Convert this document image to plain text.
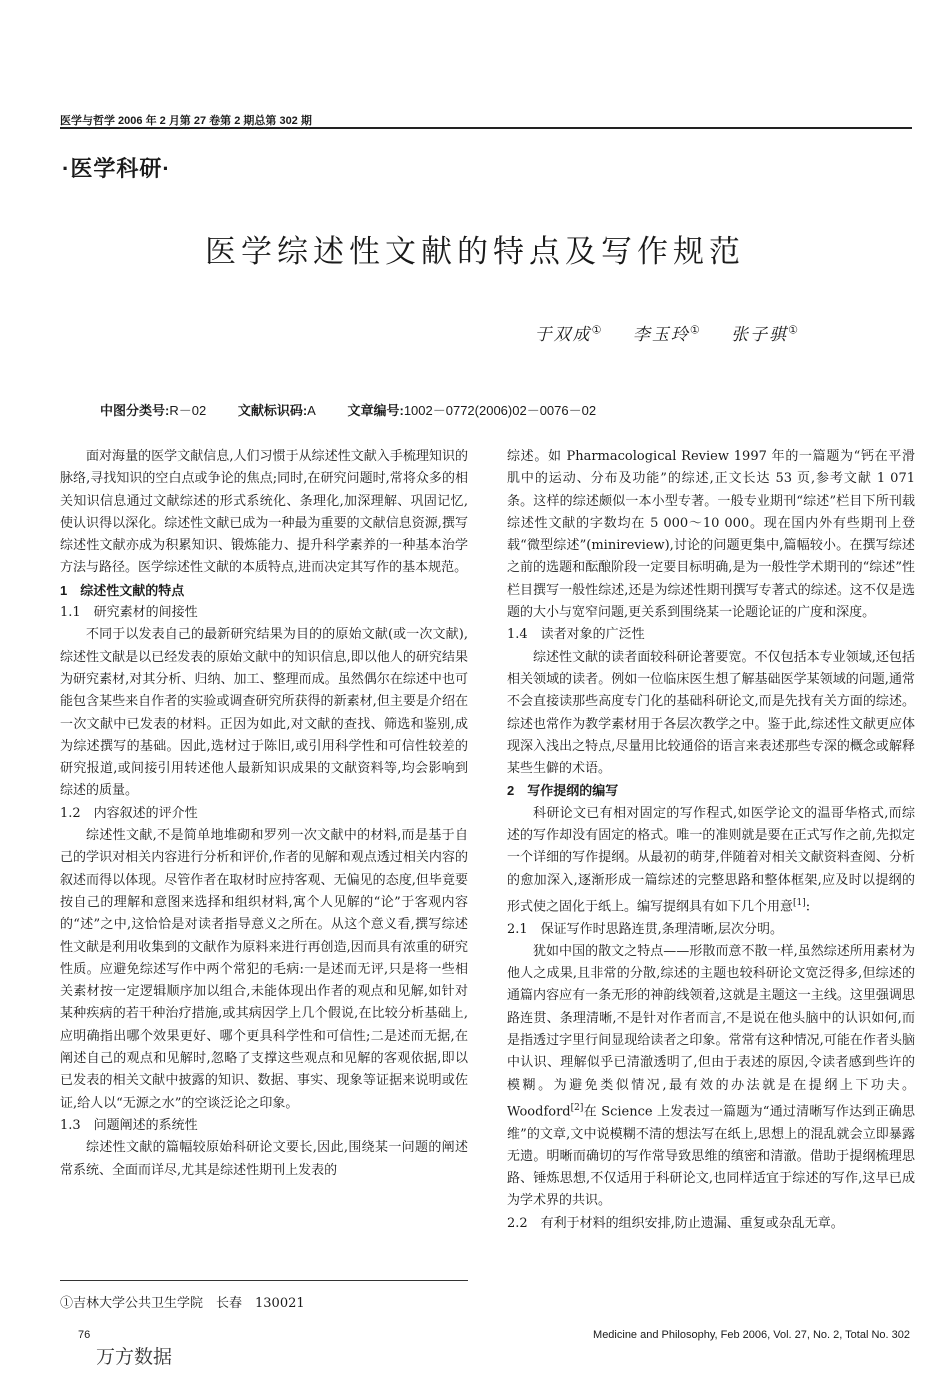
医学与哲学 2006 年 2 月第 27 卷第 2 期总第 302 期
·医学科研·
医学综述性文献的特点及写作规范
于双成① 李玉玲① 张子骐①
中图分类号:R－02 文献标识码:A 文章编号:1002－0772(2006)02－0076－02

面对海量的医学文献信息,人们习惯于从综述性文献入手梳理知识的脉络,寻找知识的空白点或争论的焦点;同时,在研究问题时,常将众多的相关知识信息通过文献综述的形式系统化、条理化,加深理解、巩固记忆,使认识得以深化。综述性文献已成为一种最为重要的文献信息资源,撰写综述性文献亦成为积累知识、锻炼能力、提升科学素养的一种基本治学方法与路径。医学综述性文献的本质特点,进而决定其写作的基本规范。

1　综述性文献的特点

1.1　研究素材的间接性

不同于以发表自己的最新研究结果为目的的原始文献(或一次文献),综述性文献是以已经发表的原始文献中的知识信息,即以他人的研究结果为研究素材,对其分析、归纳、加工、整理而成。虽然偶尔在综述中也可能包含某些来自作者的实验或调查研究所获得的新素材,但主要是介绍在一次文献中已发表的材料。正因为如此,对文献的查找、筛选和鉴别,成为综述撰写的基础。因此,选材过于陈旧,或引用科学性和可信性较差的研究报道,或间接引用转述他人最新知识成果的文献资料等,均会影响到综述的质量。

1.2　内容叙述的评介性

综述性文献,不是简单地堆砌和罗列一次文献中的材料,而是基于自己的学识对相关内容进行分析和评价,作者的见解和观点透过相关内容的叙述而得以体现。尽管作者在取材时应持客观、无偏见的态度,但毕竟要按自己的理解和意图来选择和组织材料,寓个人见解的“论”于客观内容的“述”之中,这恰恰是对读者指导意义之所在。从这个意义看,撰写综述性文献是利用收集到的文献作为原料来进行再创造,因而具有浓重的研究性质。应避免综述写作中两个常犯的毛病:一是述而无评,只是将一些相关素材按一定逻辑顺序加以组合,未能体现出作者的观点和见解,如针对某种疾病的若干种治疗措施,或其病因学上几个假说,在比较分析基础上,应明确指出哪个效果更好、哪个更具科学性和可信性;二是述而无据,在阐述自己的观点和见解时,忽略了支撑这些观点和见解的客观依据,即以已发表的相关文献中披露的知识、数据、事实、现象等证据来说明或佐证,给人以“无源之水”的空谈泛论之印象。

1.3　问题阐述的系统性

综述性文献的篇幅较原始科研论文要长,因此,围绕某一问题的阐述常系统、全面而详尽,尤其是综述性期刊上发表的

综述。如 Pharmacological Review 1997 年的一篇题为“钙在平滑肌中的运动、分布及功能”的综述,正文长达 53 页,参考文献 1 071 条。这样的综述颇似一本小型专著。一般专业期刊“综述”栏目下所刊载综述性文献的字数均在 5 000～10 000。现在国内外有些期刊上登载“微型综述”(minireview),讨论的问题更集中,篇幅较小。在撰写综述之前的选题和酝酿阶段一定要目标明确,是为一般性学术期刊的“综述”性栏目撰写一般性综述,还是为综述性期刊撰写专著式的综述。这不仅是选题的大小与宽窄问题,更关系到围绕某一论题论证的广度和深度。

1.4　读者对象的广泛性

综述性文献的读者面较科研论著要宽。不仅包括本专业领域,还包括相关领域的读者。例如一位临床医生想了解基础医学某领域的问题,通常不会直接读那些高度专门化的基础科研论文,而是先找有关方面的综述。综述也常作为教学素材用于各层次教学之中。鉴于此,综述性文献更应体现深入浅出之特点,尽量用比较通俗的语言来表述那些专深的概念或解释某些生僻的术语。

2　写作提纲的编写

科研论文已有相对固定的写作程式,如医学论文的温哥华格式,而综述的写作却没有固定的格式。唯一的准则就是要在正式写作之前,先拟定一个详细的写作提纲。从最初的萌芽,伴随着对相关文献资料查阅、分析的愈加深入,逐渐形成一篇综述的完整思路和整体框架,应及时以提纲的形式使之固化于纸上。编写提纲具有如下几个用意[1]:

2.1　保证写作时思路连贯,条理清晰,层次分明。

犹如中国的散文之特点——形散而意不散一样,虽然综述所用素材为他人之成果,且非常的分散,综述的主题也较科研论文宽泛得多,但综述的通篇内容应有一条无形的神韵线领着,这就是主题这一主线。这里强调思路连贯、条理清晰,不是针对作者而言,不是说在他头脑中的认识如何,而是指透过字里行间显现给读者之印象。常常有这种情况,可能在作者头脑中认识、理解似乎已清澈透明了,但由于表述的原因,令读者感到些许的模糊。为避免类似情况,最有效的办法就是在提纲上下功夫。Woodford[2]在 Science 上发表过一篇题为“通过清晰写作达到正确思维”的文章,文中说模糊不清的想法写在纸上,思想上的混乱就会立即暴露无遗。明晰而确切的写作常导致思维的缜密和清澈。借助于提纲梳理思路、锤炼思想,不仅适用于科研论文,也同样适宜于综述的写作,这早已成为学术界的共识。

2.2　有利于材料的组织安排,防止遗漏、重复或杂乱无章。

①吉林大学公共卫生学院　长春　130021
76	Medicine and Philosophy, Feb 2006, Vol. 27, No. 2, Total No. 302
万方数据
